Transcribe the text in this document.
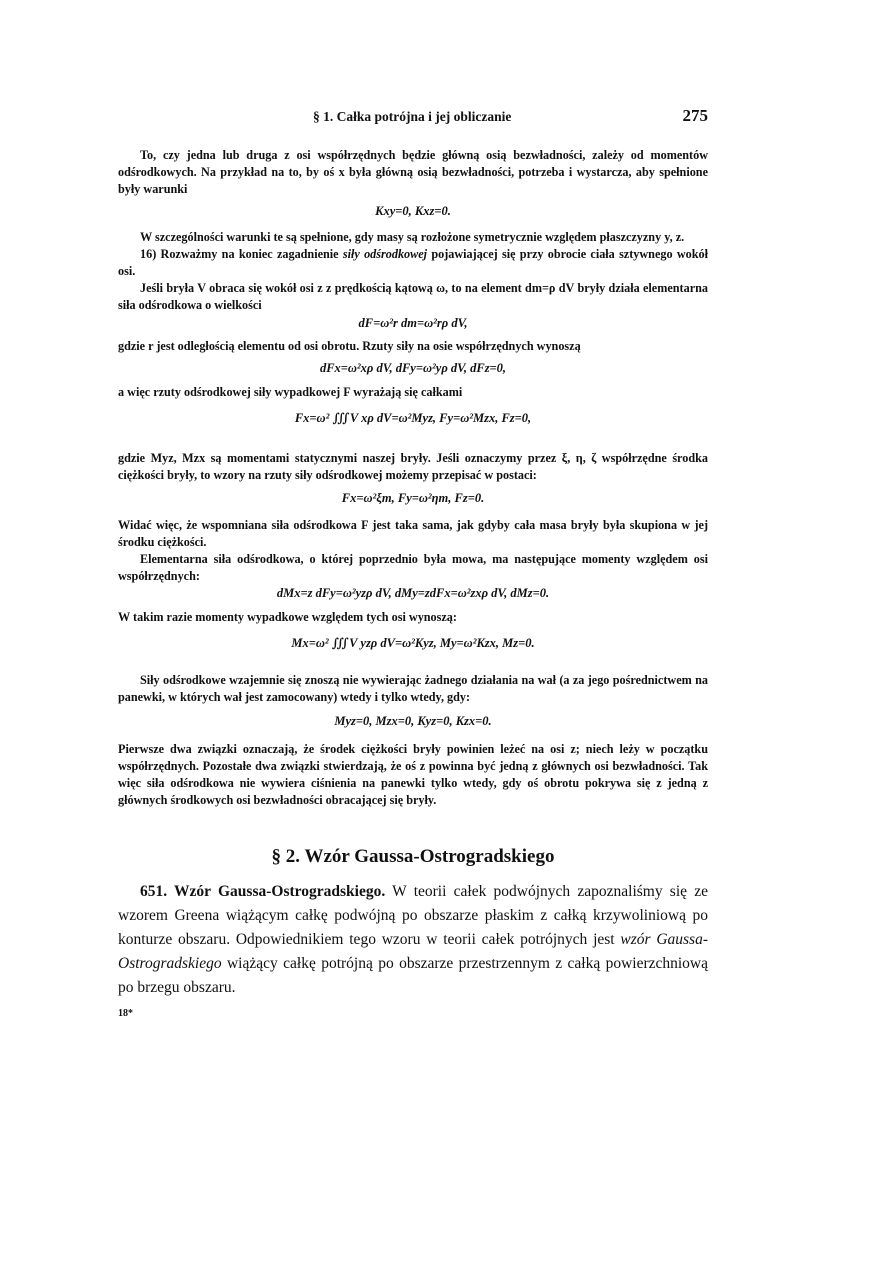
§ 1. Całka potrójna i jej obliczanie	275
To, czy jedna lub druga z osi współrzędnych będzie główną osią bezwładności, zależy od momentów odśrodkowych. Na przykład na to, by oś x była główną osią bezwładności, potrzeba i wystarcza, aby spełnione były warunki
Kxy=0, Kxz=0.
W szczególności warunki te są spełnione, gdy masy są rozłożone symetrycznie względem płaszczyzny y, z.
16) Rozważmy na koniec zagadnienie siły odśrodkowej pojawiającej się przy obrocie ciała sztywnego wokół osi.
Jeśli bryła V obraca się wokół osi z z prędkością kątową ω, to na element dm=ρ dV bryły działa elementarna siła odśrodkowa o wielkości
dF=ω²r dm=ω²rρ dV,
gdzie r jest odległością elementu od osi obrotu. Rzuty siły na osie współrzędnych wynoszą
dFx=ω²xρ dV, dFy=ω²yρ dV, dFz=0,
a więc rzuty odśrodkowej siły wypadkowej F wyrażają się całkami
Fx=ω² ∭V xρ dV=ω²Myz, Fy=ω²Mzx, Fz=0,
gdzie Myz, Mzx są momentami statycznymi naszej bryły. Jeśli oznaczymy przez ξ, η, ζ współrzędne środka ciężkości bryły, to wzory na rzuty siły odśrodkowej możemy przepisać w postaci:
Fx=ω²ξm, Fy=ω²ηm, Fz=0.
Widać więc, że wspomniana siła odśrodkowa F jest taka sama, jak gdyby cała masa bryły była skupiona w jej środku ciężkości.
Elementarna siła odśrodkowa, o której poprzednio była mowa, ma następujące momenty względem osi współrzędnych:
dMx=z dFy=ω²yzρ dV, dMy=zdFx=ω²zxρ dV, dMz=0.
W takim razie momenty wypadkowe względem tych osi wynoszą:
Mx=ω² ∭V yzρ dV=ω²Kyz, My=ω²Kzx, Mz=0.
Siły odśrodkowe wzajemnie się znoszą nie wywierając żadnego działania na wał (a za jego pośrednictwem na panewki, w których wał jest zamocowany) wtedy i tylko wtedy, gdy:
Myz=0, Mzx=0, Kyz=0, Kzx=0.
Pierwsze dwa związki oznaczają, że środek ciężkości bryły powinien leżeć na osi z; niech leży w początku współrzędnych. Pozostałe dwa związki stwierdzają, że oś z powinna być jedną z głównych osi bezwładności. Tak więc siła odśrodkowa nie wywiera ciśnienia na panewki tylko wtedy, gdy oś obrotu pokrywa się z jedną z głównych środkowych osi bezwładności obracającej się bryły.
§ 2. Wzór Gaussa-Ostrogradskiego
651. Wzór Gaussa-Ostrogradskiego. W teorii całek podwójnych zapoznaliśmy się ze wzorem Greena wiążącym całkę podwójną po obszarze płaskim z całką krzywoliniową po konturze obszaru. Odpowiednikiem tego wzoru w teorii całek potrójnych jest wzór Gaussa-Ostrogradskiego wiążący całkę potrójną po obszarze przestrzennym z całką powierzchniową po brzegu obszaru.
18*
